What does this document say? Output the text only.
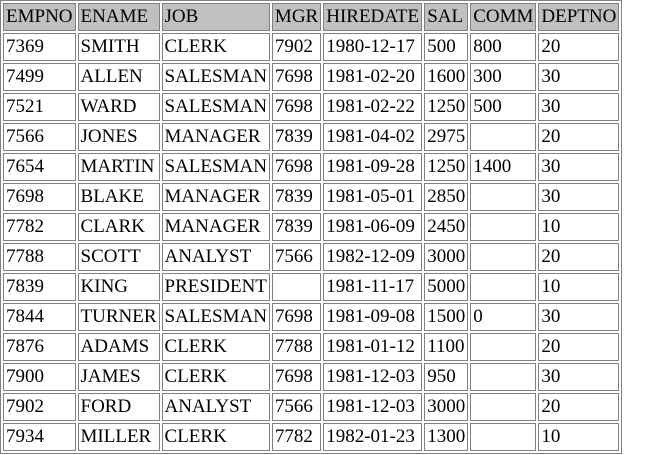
EMPNO	ENAME	JOB	MGR	HIREDATE	SAL	COMM	DEPTNO
7369	SMITH	CLERK	7902	1980-12-17	500	800	20
7499	ALLEN	SALESMAN	7698	1981-02-20	1600	300	30
7521	WARD	SALESMAN	7698	1981-02-22	1250	500	30
7566	JONES	MANAGER	7839	1981-04-02	2975		20
7654	MARTIN	SALESMAN	7698	1981-09-28	1250	1400	30
7698	BLAKE	MANAGER	7839	1981-05-01	2850		30
7782	CLARK	MANAGER	7839	1981-06-09	2450		10
7788	SCOTT	ANALYST	7566	1982-12-09	3000		20
7839	KING	PRESIDENT		1981-11-17	5000		10
7844	TURNER	SALESMAN	7698	1981-09-08	1500	0	30
7876	ADAMS	CLERK	7788	1981-01-12	1100		20
7900	JAMES	CLERK	7698	1981-12-03	950		30
7902	FORD	ANALYST	7566	1981-12-03	3000		20
7934	MILLER	CLERK	7782	1982-01-23	1300		10
